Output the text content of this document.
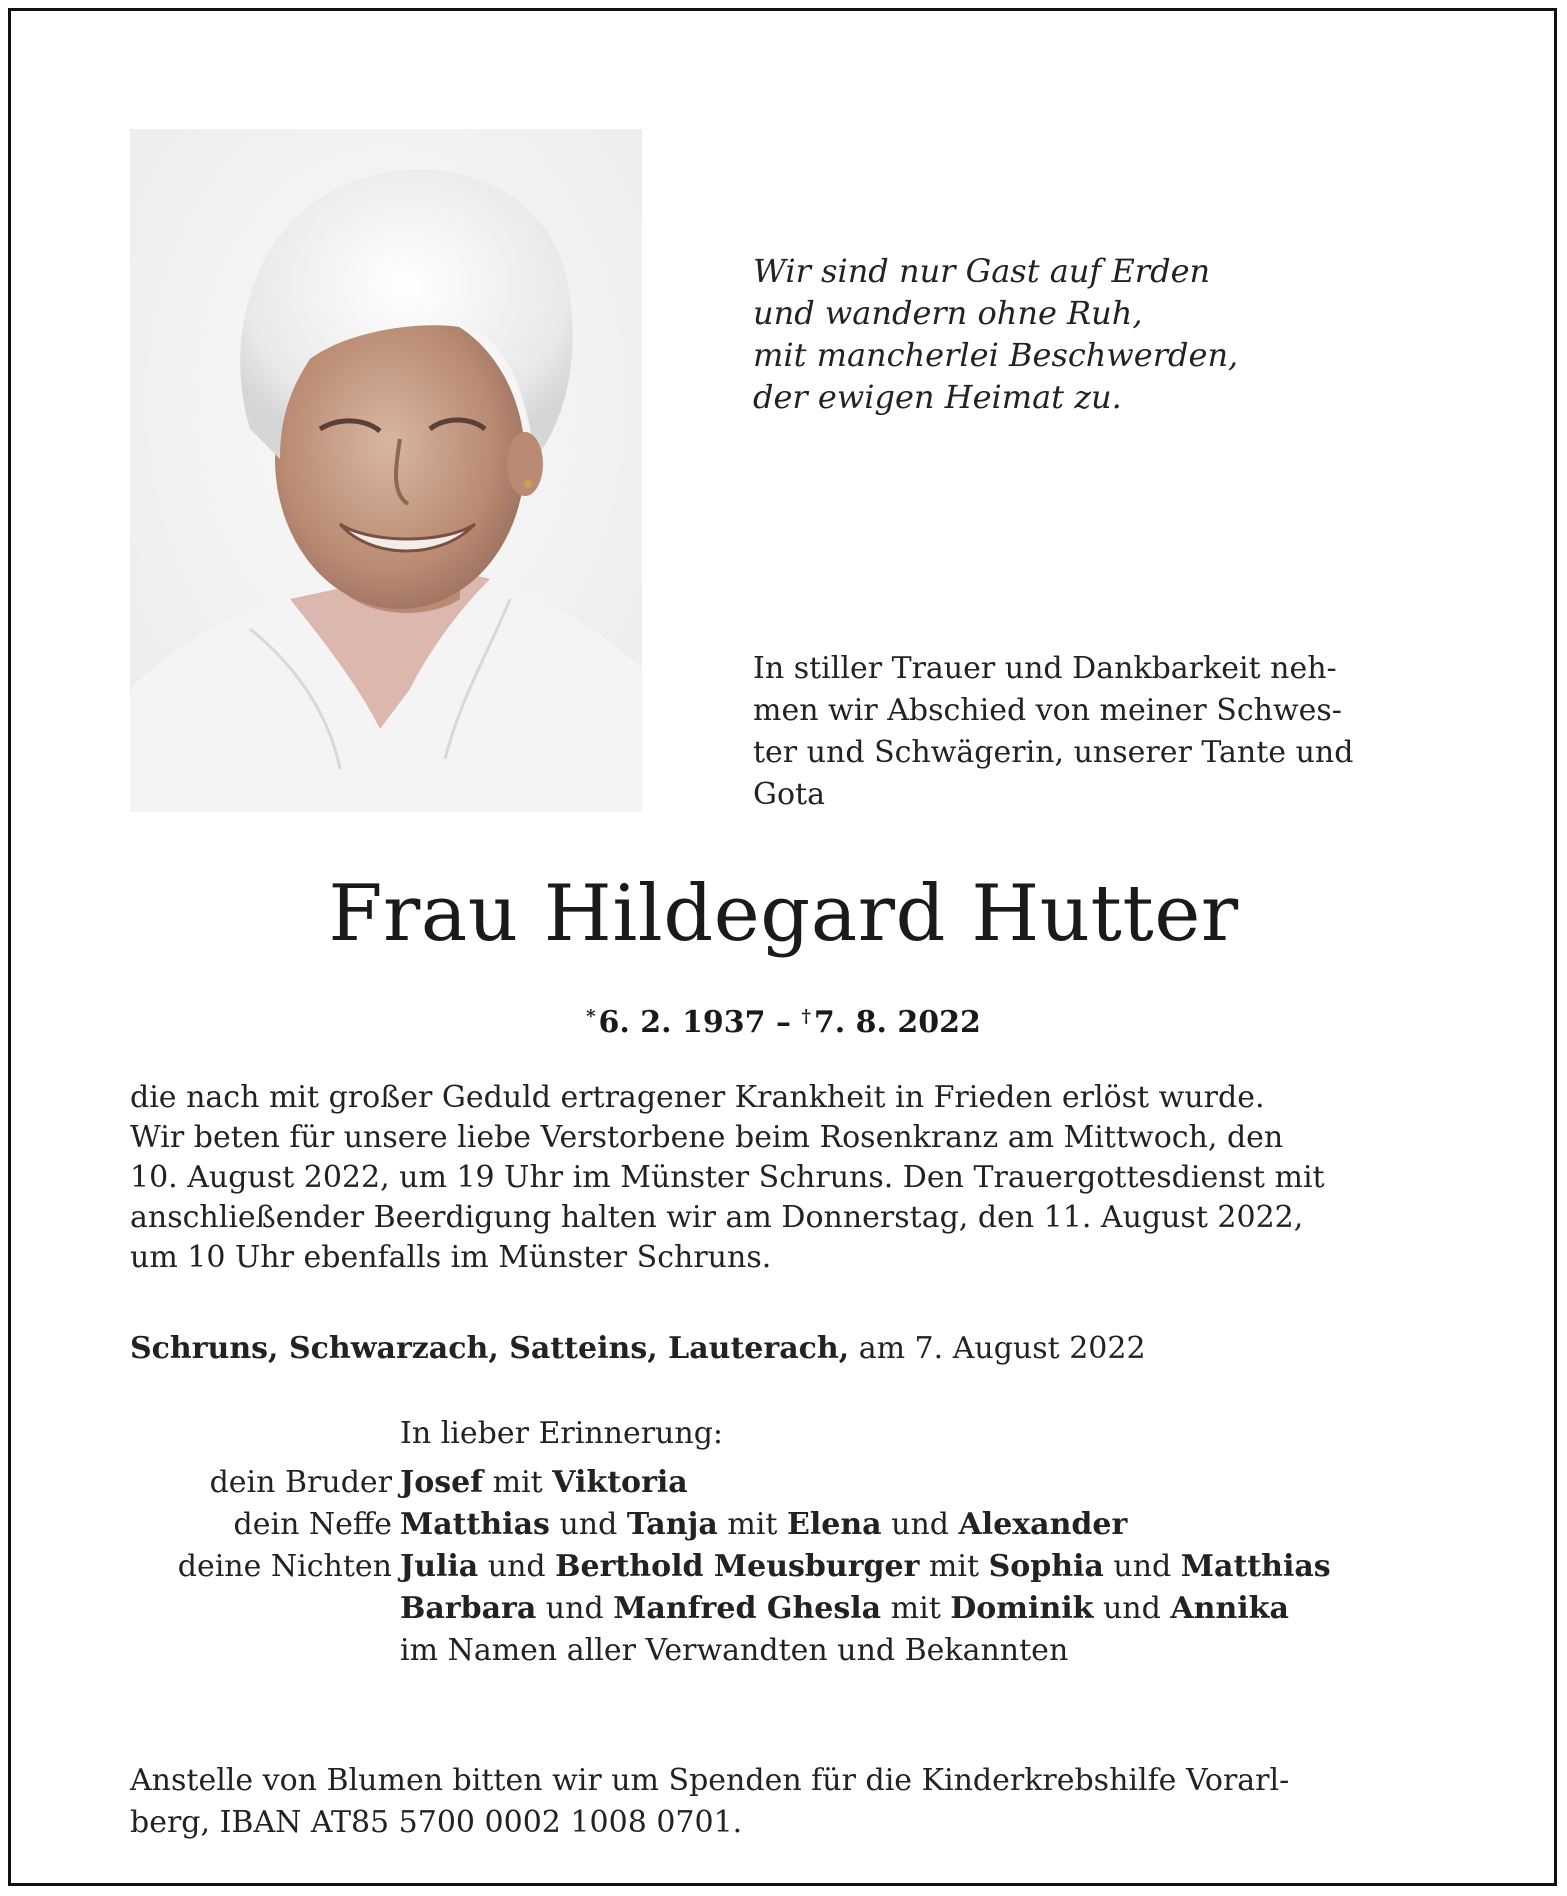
Wir sind nur Gast auf Erden
und wandern ohne Ruh,
mit mancherlei Beschwerden,
der ewigen Heimat zu.
In stiller Trauer und Dankbarkeit neh-
men wir Abschied von meiner Schwes-
ter und Schwägerin, unserer Tante und
Gota
Frau Hildegard Hutter
*  6. 2. 1937 – †  7. 8. 2022
die nach mit großer Geduld ertragener Krankheit in Frieden erlöst wurde.
Wir beten für unsere liebe Verstorbene beim Rosenkranz am Mittwoch, den
10. August 2022, um 19 Uhr im Münster Schruns. Den Trauergottesdienst mit
anschließender Beerdigung halten wir am Donnerstag, den 11. August 2022,
um 10 Uhr ebenfalls im Münster Schruns.
Schruns, Schwarzach, Satteins, Lauterach, am 7. August 2022
In lieber Erinnerung:
dein Bruder Josef mit Viktoria
dein Neffe Matthias und Tanja mit Elena und Alexander
deine Nichten Julia und Berthold Meusburger mit Sophia und Matthias
Barbara und Manfred Ghesla mit Dominik und Annika
im Namen aller Verwandten und Bekannten
Anstelle von Blumen bitten wir um Spenden für die Kinderkrebshilfe Vorarl-
berg, IBAN AT85 5700 0002 1008 0701.
